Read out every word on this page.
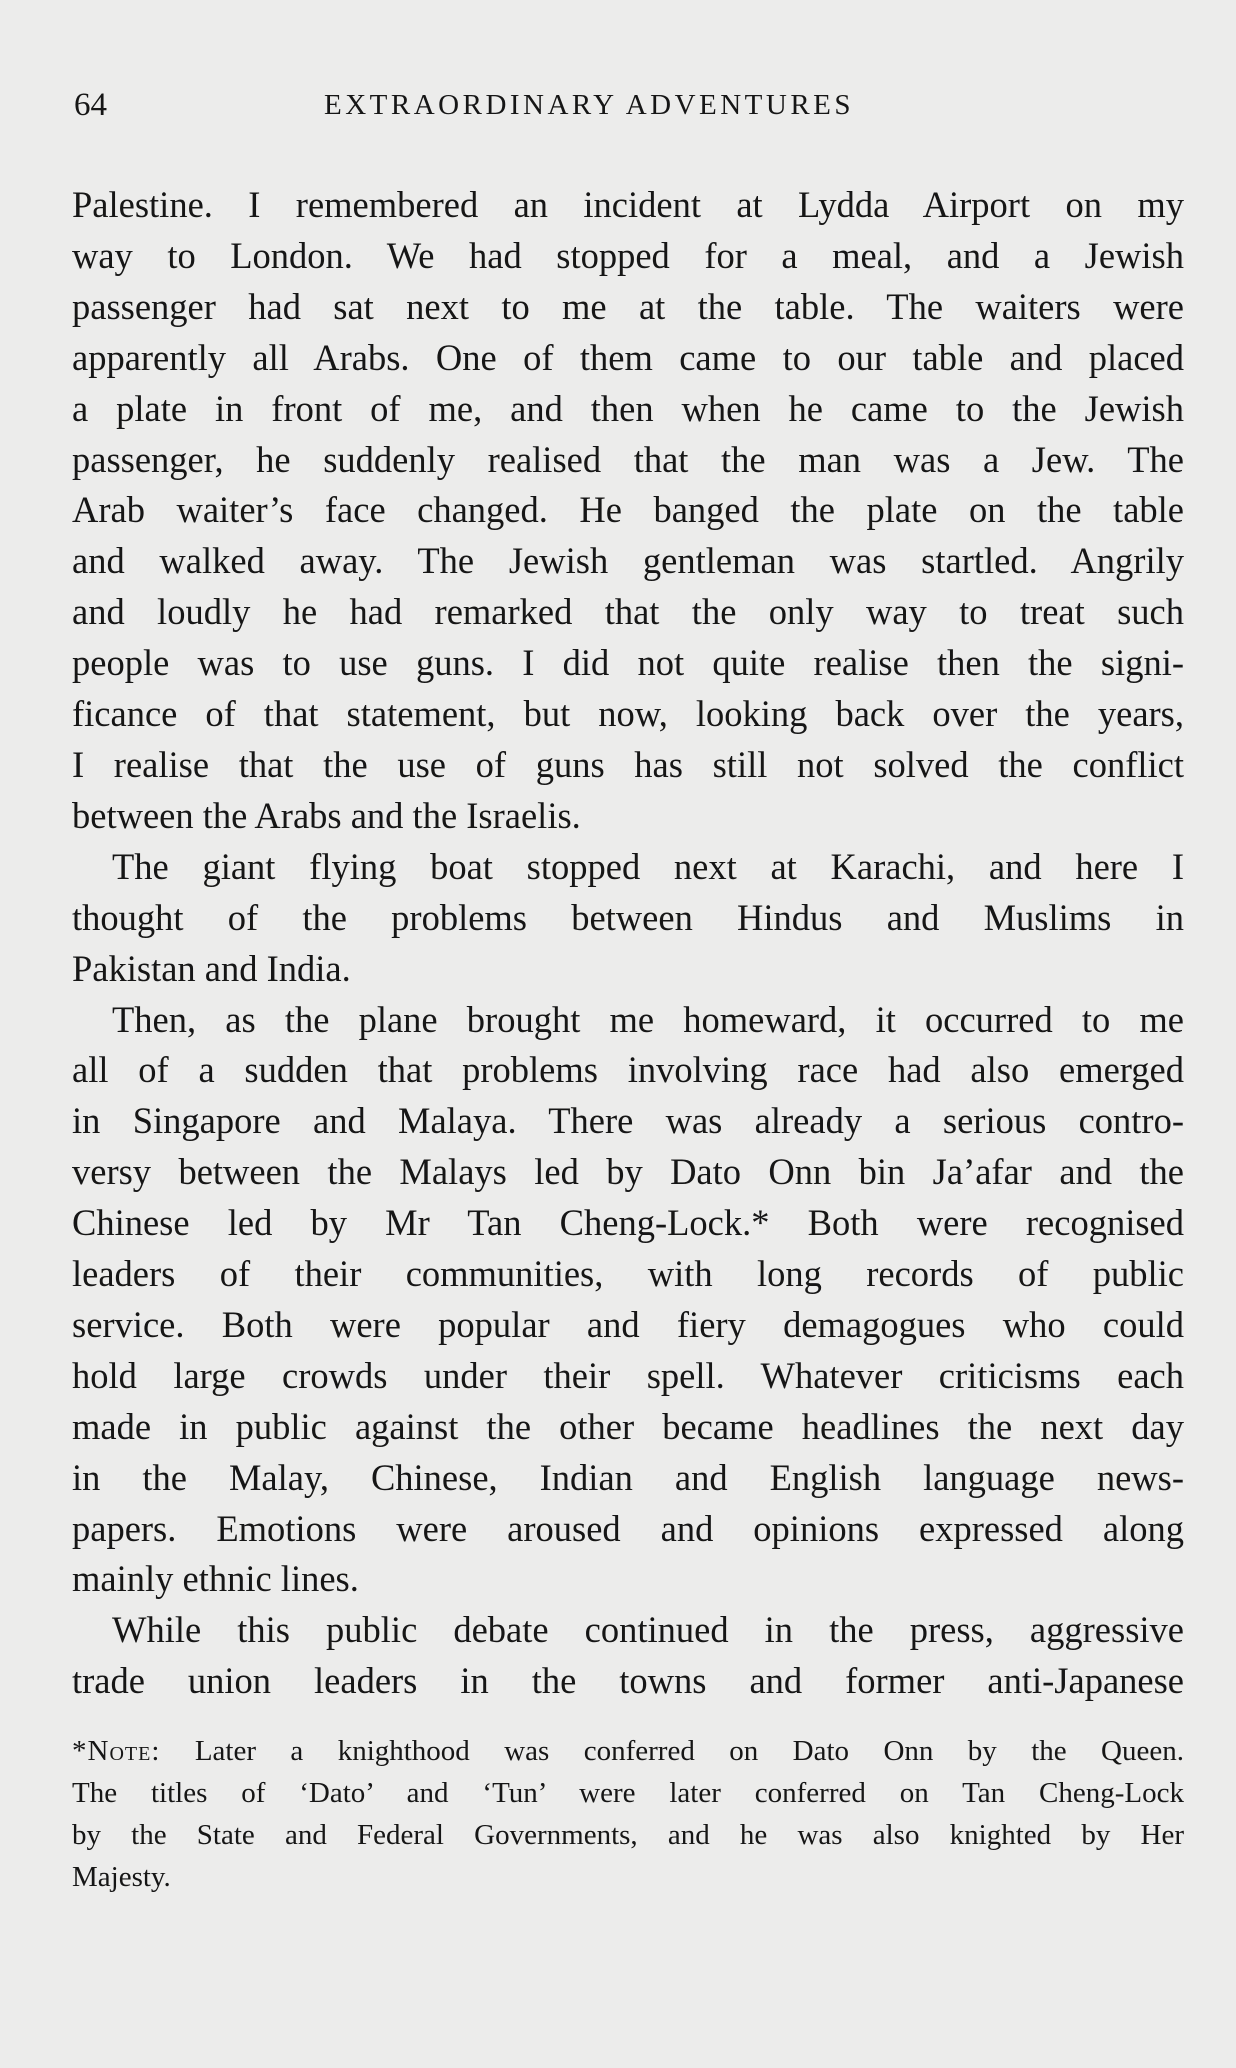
64	EXTRAORDINARY ADVENTURES
Palestine. I remembered an incident at Lydda Airport on my
way to London. We had stopped for a meal, and a Jewish
passenger had sat next to me at the table. The waiters were
apparently all Arabs. One of them came to our table and placed
a plate in front of me, and then when he came to the Jewish
passenger, he suddenly realised that the man was a Jew. The
Arab waiter’s face changed. He banged the plate on the table
and walked away. The Jewish gentleman was startled. Angrily
and loudly he had remarked that the only way to treat such
people was to use guns. I did not quite realise then the signi-
ficance of that statement, but now, looking back over the years,
I realise that the use of guns has still not solved the conflict
between the Arabs and the Israelis.
The giant flying boat stopped next at Karachi, and here I
thought of the problems between Hindus and Muslims in
Pakistan and India.
Then, as the plane brought me homeward, it occurred to me
all of a sudden that problems involving race had also emerged
in Singapore and Malaya. There was already a serious contro-
versy between the Malays led by Dato Onn bin Ja’afar and the
Chinese led by Mr Tan Cheng-Lock.* Both were recognised
leaders of their communities, with long records of public
service. Both were popular and fiery demagogues who could
hold large crowds under their spell. Whatever criticisms each
made in public against the other became headlines the next day
in the Malay, Chinese, Indian and English language news-
papers. Emotions were aroused and opinions expressed along
mainly ethnic lines.
While this public debate continued in the press, aggressive
trade union leaders in the towns and former anti-Japanese
*Note: Later a knighthood was conferred on Dato Onn by the Queen.
The titles of ‘Dato’ and ‘Tun’ were later conferred on Tan Cheng-Lock
by the State and Federal Governments, and he was also knighted by Her
Majesty.
